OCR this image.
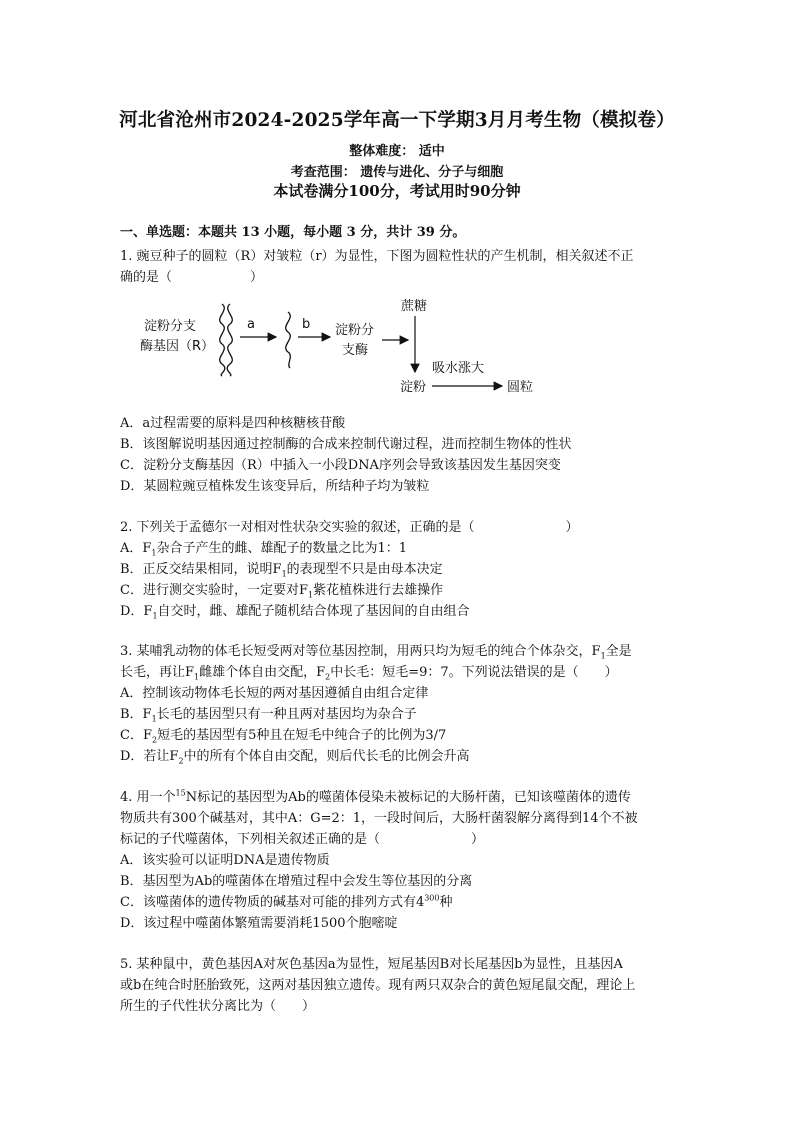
河北省沧州市2024-2025学年高一下学期3月月考生物（模拟卷）
整体难度： 适中
考查范围： 遗传与进化、分子与细胞
本试卷满分100分，考试用时90分钟
一、单选题：本题共 13 小题，每小题 3 分，共计 39 分。
1. 豌豆种子的圆粒（R）对皱粒（r）为显性，下图为圆粒性状的产生机制，相关叙述不正
确的是（　　　　　　）
淀粉分支
酶基因（R）
a	b 淀粉分
支酶
蔗糖
淀粉
吸水涨大
圆粒
A．a过程需要的原料是四种核糖核苷酸
B．该图解说明基因通过控制酶的合成来控制代谢过程，进而控制生物体的性状
C．淀粉分支酶基因（R）中插入一小段DNA序列会导致该基因发生基因突变
D．某圆粒豌豆植株发生该变异后，所结种子均为皱粒
2. 下列关于孟德尔一对相对性状杂交实验的叙述，正确的是（　　　　　　　）
A．$F_1$杂合子产生的雌、雄配子的数量之比为1：1
B．正反交结果相同，说明$F_1$的表现型不只是由母本决定
C．进行测交实验时，一定要对$F_1$紫花植株进行去雄操作
D．$F_1$自交时，雌、雄配子随机结合体现了基因间的自由组合
3. 某哺乳动物的体毛长短受两对等位基因控制，用两只均为短毛的纯合个体杂交，$F_1$全是
长毛，再让$F_1$雌雄个体自由交配，$F_2$中长毛：短毛=9：7。下列说法错误的是（　　）
A．控制该动物体毛长短的两对基因遵循自由组合定律
B．$F_1$长毛的基因型只有一种且两对基因均为杂合子
C．$F_2$短毛的基因型有5种且在短毛中纯合子的比例为3/7
D．若让$F_2$中的所有个体自由交配，则后代长毛的比例会升高
4. 用一个$^{15}$N标记的基因型为Ab的噬菌体侵染未被标记的大肠杆菌，已知该噬菌体的遗传
物质共有300个碱基对，其中A：G=2：1，一段时间后，大肠杆菌裂解分离得到14个不被
标记的子代噬菌体，下列相关叙述正确的是（　　　　　　　）
A．该实验可以证明DNA是遗传物质
B．基因型为Ab的噬菌体在增殖过程中会发生等位基因的分离
C．该噬菌体的遗传物质的碱基对可能的排列方式有$4^{300}$种
D．该过程中噬菌体繁殖需要消耗1500个胞嘧啶
5. 某种鼠中，黄色基因A对灰色基因a为显性，短尾基因B对长尾基因b为显性，且基因A
或b在纯合时胚胎致死，这两对基因独立遗传。现有两只双杂合的黄色短尾鼠交配，理论上
所生的子代性状分离比为（　　）
